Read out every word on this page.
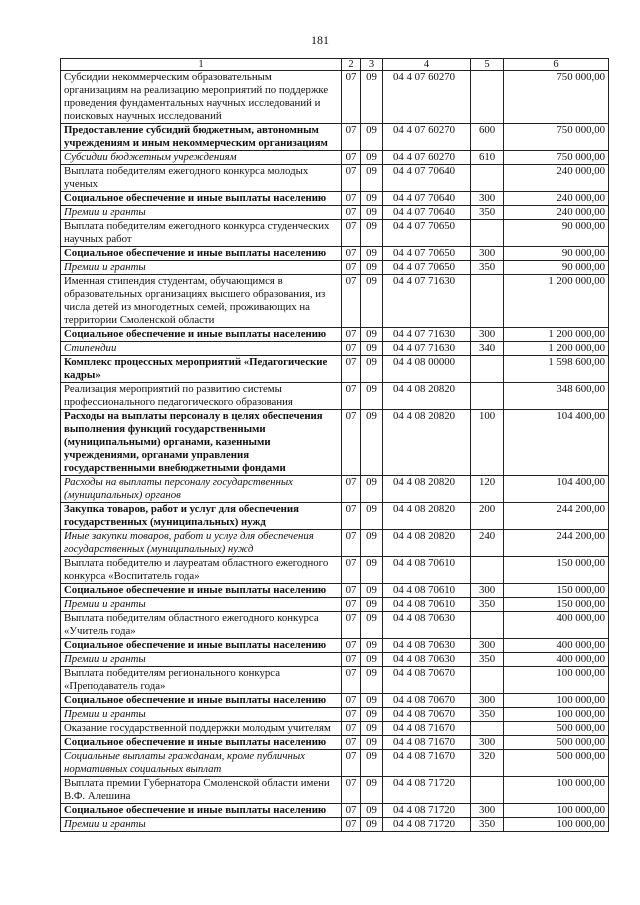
181
1	2	3	4	5	6
Субсидии некоммерческим образовательным организациям на реализацию мероприятий по поддержке проведения фундаментальных научных исследований и поисковых научных исследований	07	09	04 4 07 60270		750 000,00
Предоставление субсидий бюджетным, автономным учреждениям и иным некоммерческим организациям	07	09	04 4 07 60270	600	750 000,00
Субсидии бюджетным учреждениям	07	09	04 4 07 60270	610	750 000,00
Выплата победителям ежегодного конкурса молодых ученых	07	09	04 4 07 70640		240 000,00
Социальное обеспечение и иные выплаты населению	07	09	04 4 07 70640	300	240 000,00
Премии и гранты	07	09	04 4 07 70640	350	240 000,00
Выплата победителям ежегодного конкурса студенческих научных работ	07	09	04 4 07 70650		90 000,00
Социальное обеспечение и иные выплаты населению	07	09	04 4 07 70650	300	90 000,00
Премии и гранты	07	09	04 4 07 70650	350	90 000,00
Именная стипендия студентам, обучающимся в образовательных организациях высшего образования, из числа детей из многодетных семей, проживающих на территории Смоленской области	07	09	04 4 07 71630		1 200 000,00
Социальное обеспечение и иные выплаты населению	07	09	04 4 07 71630	300	1 200 000,00
Стипендии	07	09	04 4 07 71630	340	1 200 000,00
Комплекс процессных мероприятий «Педагогические кадры»	07	09	04 4 08 00000		1 598 600,00
Реализация мероприятий по развитию системы профессионального педагогического образования	07	09	04 4 08 20820		348 600,00
Расходы на выплаты персоналу в целях обеспечения выполнения функций государственными (муниципальными) органами, казенными учреждениями, органами управления государственными внебюджетными фондами	07	09	04 4 08 20820	100	104 400,00
Расходы на выплаты персоналу государственных (муниципальных) органов	07	09	04 4 08 20820	120	104 400,00
Закупка товаров, работ и услуг для обеспечения государственных (муниципальных) нужд	07	09	04 4 08 20820	200	244 200,00
Иные закупки товаров, работ и услуг для обеспечения государственных (муниципальных) нужд	07	09	04 4 08 20820	240	244 200,00
Выплата победителю и лауреатам областного ежегодного конкурса «Воспитатель года»	07	09	04 4 08 70610		150 000,00
Социальное обеспечение и иные выплаты населению	07	09	04 4 08 70610	300	150 000,00
Премии и гранты	07	09	04 4 08 70610	350	150 000,00
Выплата победителям областного ежегодного конкурса «Учитель года»	07	09	04 4 08 70630		400 000,00
Социальное обеспечение и иные выплаты населению	07	09	04 4 08 70630	300	400 000,00
Премии и гранты	07	09	04 4 08 70630	350	400 000,00
Выплата победителям регионального конкурса «Преподаватель года»	07	09	04 4 08 70670		100 000,00
Социальное обеспечение и иные выплаты населению	07	09	04 4 08 70670	300	100 000,00
Премии и гранты	07	09	04 4 08 70670	350	100 000,00
Оказание государственной поддержки молодым учителям	07	09	04 4 08 71670		500 000,00
Социальное обеспечение и иные выплаты населению	07	09	04 4 08 71670	300	500 000,00
Социальные выплаты гражданам, кроме публичных нормативных социальных выплат	07	09	04 4 08 71670	320	500 000,00
Выплата премии Губернатора Смоленской области имени В.Ф. Алешина	07	09	04 4 08 71720		100 000,00
Социальное обеспечение и иные выплаты населению	07	09	04 4 08 71720	300	100 000,00
Премии и гранты	07	09	04 4 08 71720	350	100 000,00
